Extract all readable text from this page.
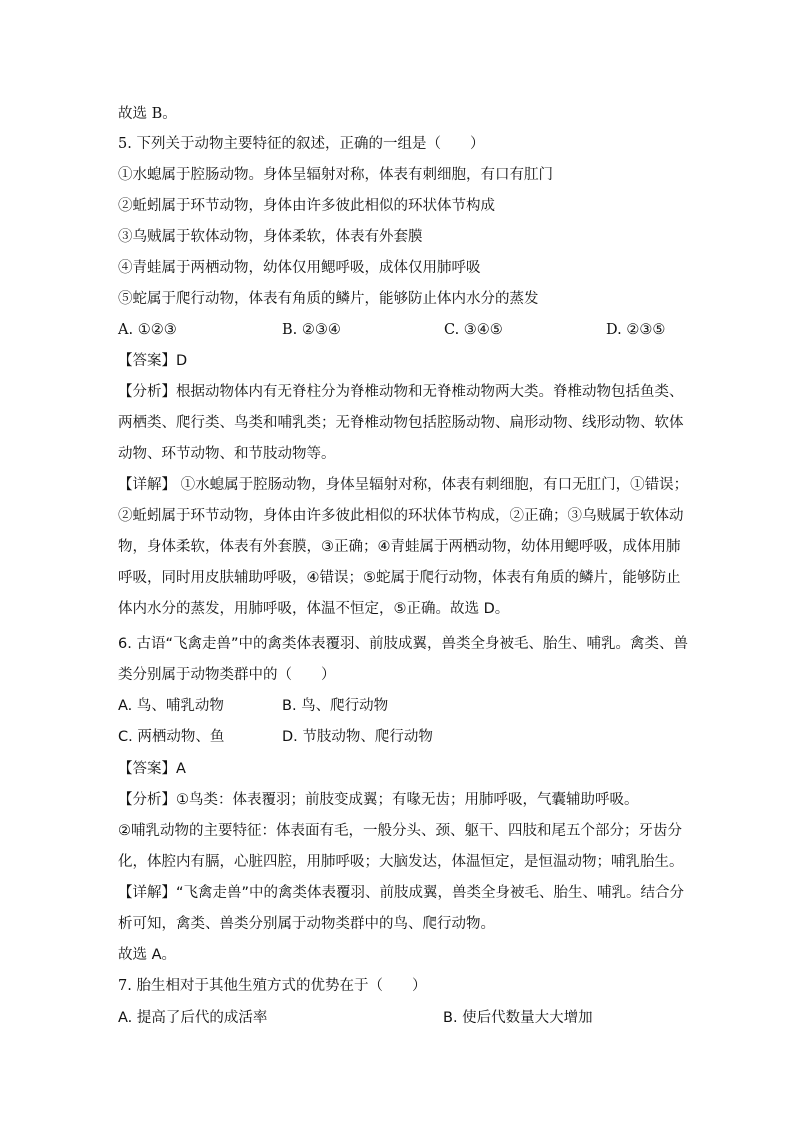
故选 B。
5. 下列关于动物主要特征的叙述，正确的一组是（　　）
①水螅属于腔肠动物。身体呈辐射对称，体表有刺细胞，有口有肛门
②蚯蚓属于环节动物，身体由许多彼此相似的环状体节构成
③乌贼属于软体动物，身体柔软，体表有外套膜
④青蛙属于两栖动物，幼体仅用鳃呼吸，成体仅用肺呼吸
⑤蛇属于爬行动物，体表有角质的鳞片，能够防止体内水分的蒸发
A. ①②③	B. ②③④	C. ③④⑤	D. ②③⑤
【答案】D
【分析】根据动物体内有无脊柱分为脊椎动物和无脊椎动物两大类。脊椎动物包括鱼类、
两栖类、爬行类、鸟类和哺乳类；无脊椎动物包括腔肠动物、扁形动物、线形动物、软体
动物、环节动物、和节肢动物等。
【详解】 ①水螅属于腔肠动物，身体呈辐射对称，体表有刺细胞，有口无肛门，①错误；
②蚯蚓属于环节动物，身体由许多彼此相似的环状体节构成，②正确；③乌贼属于软体动
物，身体柔软，体表有外套膜，③正确；④青蛙属于两栖动物，幼体用鳃呼吸，成体用肺
呼吸，同时用皮肤辅助呼吸，④错误；⑤蛇属于爬行动物，体表有角质的鳞片，能够防止
体内水分的蒸发，用肺呼吸，体温不恒定，⑤正确。故选 D。
6. 古语“飞禽走兽”中的禽类体表覆羽、前肢成翼，兽类全身被毛、胎生、哺乳。禽类、兽
类分别属于动物类群中的（　　）
A. 鸟、哺乳动物	B. 鸟、爬行动物
C. 两栖动物、鱼	D. 节肢动物、爬行动物
【答案】A
【分析】①鸟类：体表覆羽；前肢变成翼；有喙无齿；用肺呼吸，气囊辅助呼吸。
②哺乳动物的主要特征：体表面有毛，一般分头、颈、躯干、四肢和尾五个部分；牙齿分
化，体腔内有膈，心脏四腔，用肺呼吸；大脑发达，体温恒定，是恒温动物；哺乳胎生。
【详解】“飞禽走兽”中的禽类体表覆羽、前肢成翼，兽类全身被毛、胎生、哺乳。结合分
析可知，禽类、兽类分别属于动物类群中的鸟、爬行动物。
故选 A。
7. 胎生相对于其他生殖方式的优势在于（　　）
A. 提高了后代的成活率	B. 使后代数量大大增加
